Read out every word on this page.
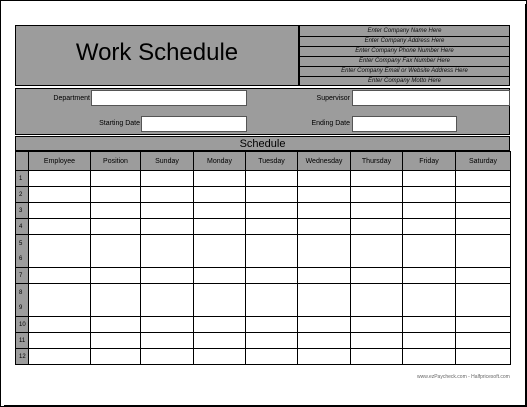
Work Schedule
Enter Company Name Here
Enter Company Address Here
Enter Company Phone Number Here
Enter Company Fax Number Here
Enter Company Email or Website Address Here
Enter Company Motto Here
Department	Supervisor
Starting Date	Ending Date
Schedule
	Employee	Position	Sunday	Monday	Tuesday	Wednesday	Thursday	Friday	Saturday

1									

2									

3									

4									

5
6									

7									

8
9									

10									

11									

12									

www.ezPaycheck.com - Halfpricesoft.com
